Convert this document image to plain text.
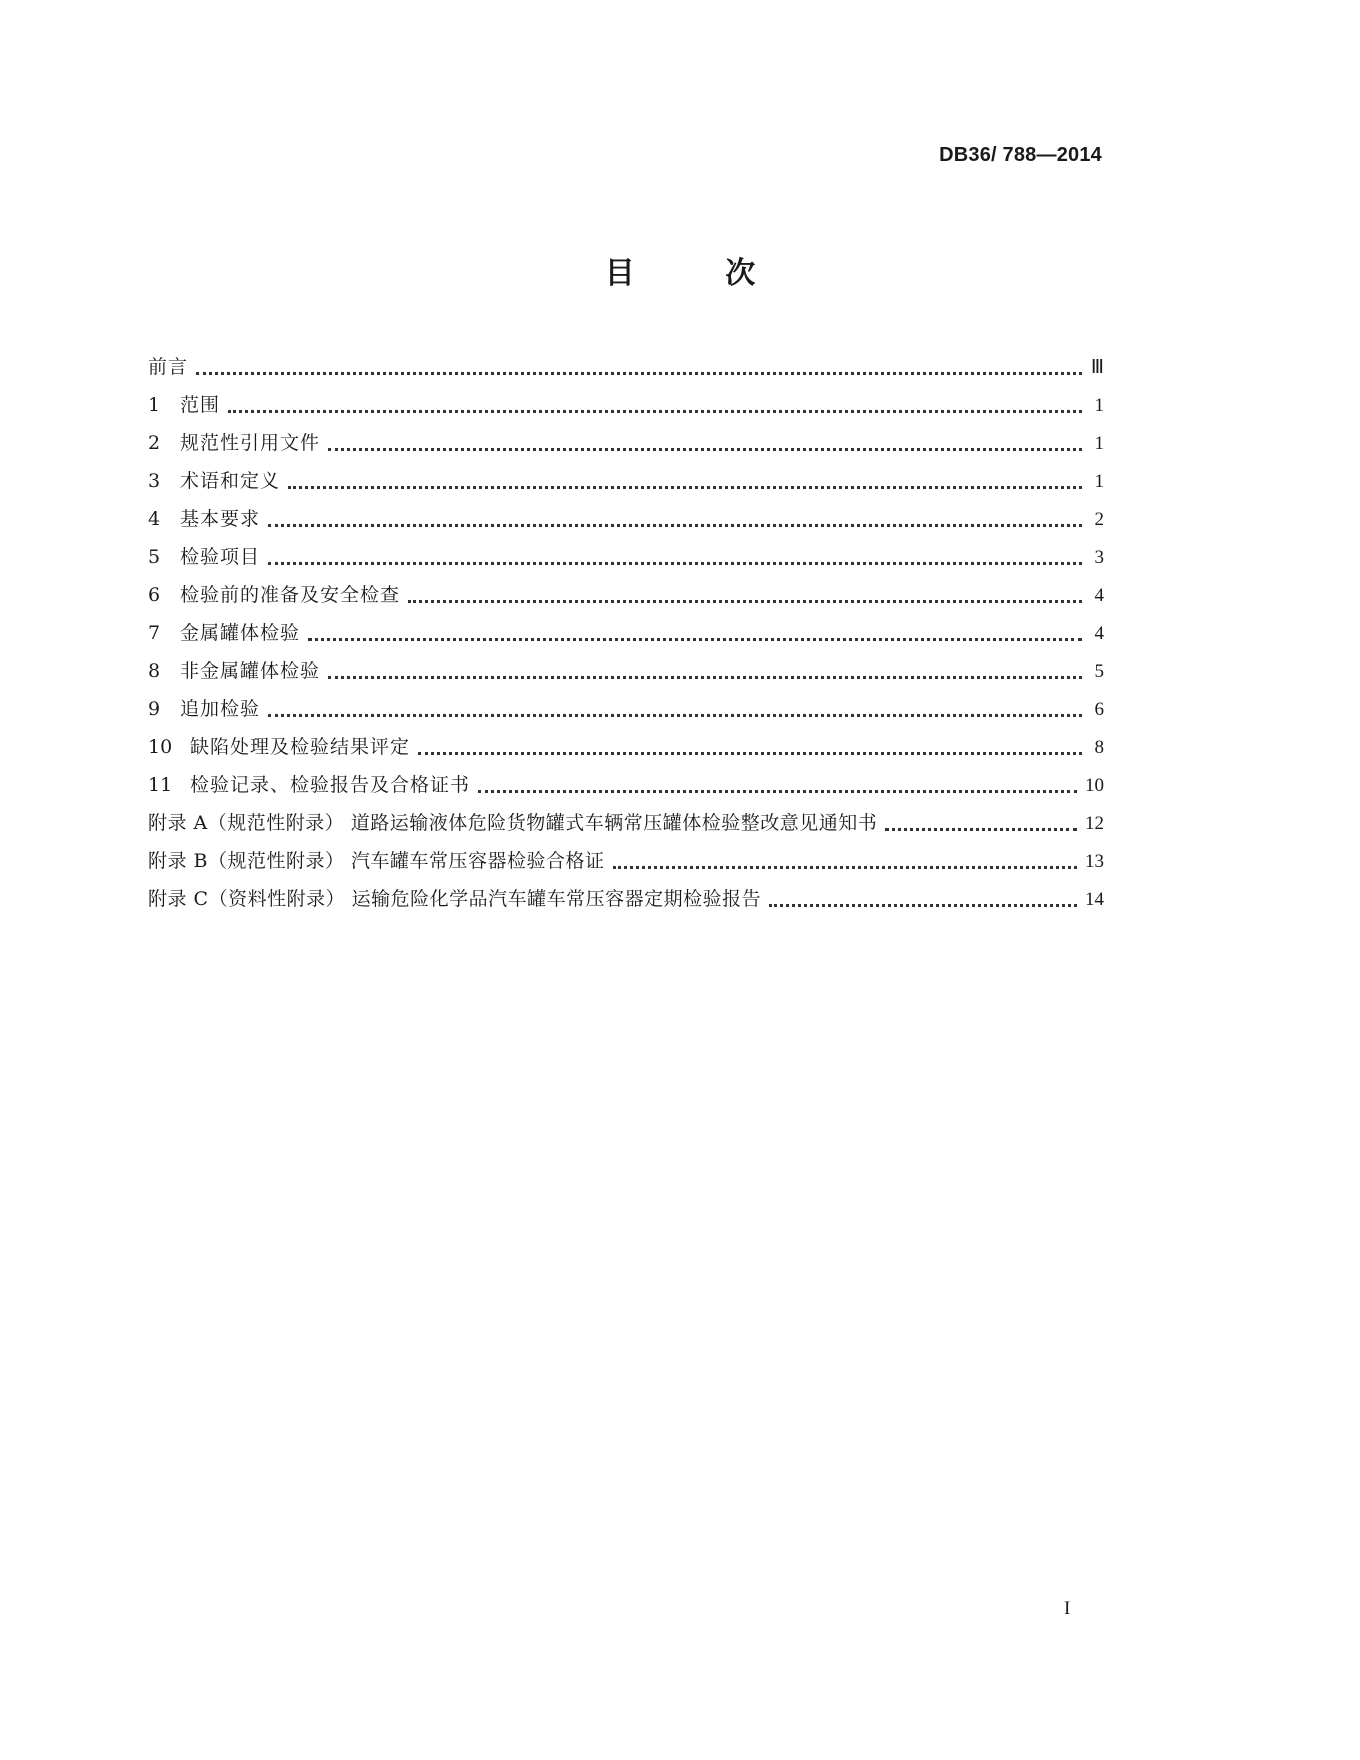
DB36/ 788—2014
目	次
前言	Ⅲ
1	范围	1
2	规范性引用文件	1
3	术语和定义	1
4	基本要求	2
5	检验项目	3
6	检验前的准备及安全检查	4
7	金属罐体检验	4
8	非金属罐体检验	5
9	追加检验	6
10 缺陷处理及检验结果评定	8
11 检验记录、检验报告及合格证书	10
附录 A（规范性附录） 道路运输液体危险货物罐式车辆常压罐体检验整改意见通知书	12
附录 B（规范性附录） 汽车罐车常压容器检验合格证	13
附录 C（资料性附录） 运输危险化学品汽车罐车常压容器定期检验报告	14
I
